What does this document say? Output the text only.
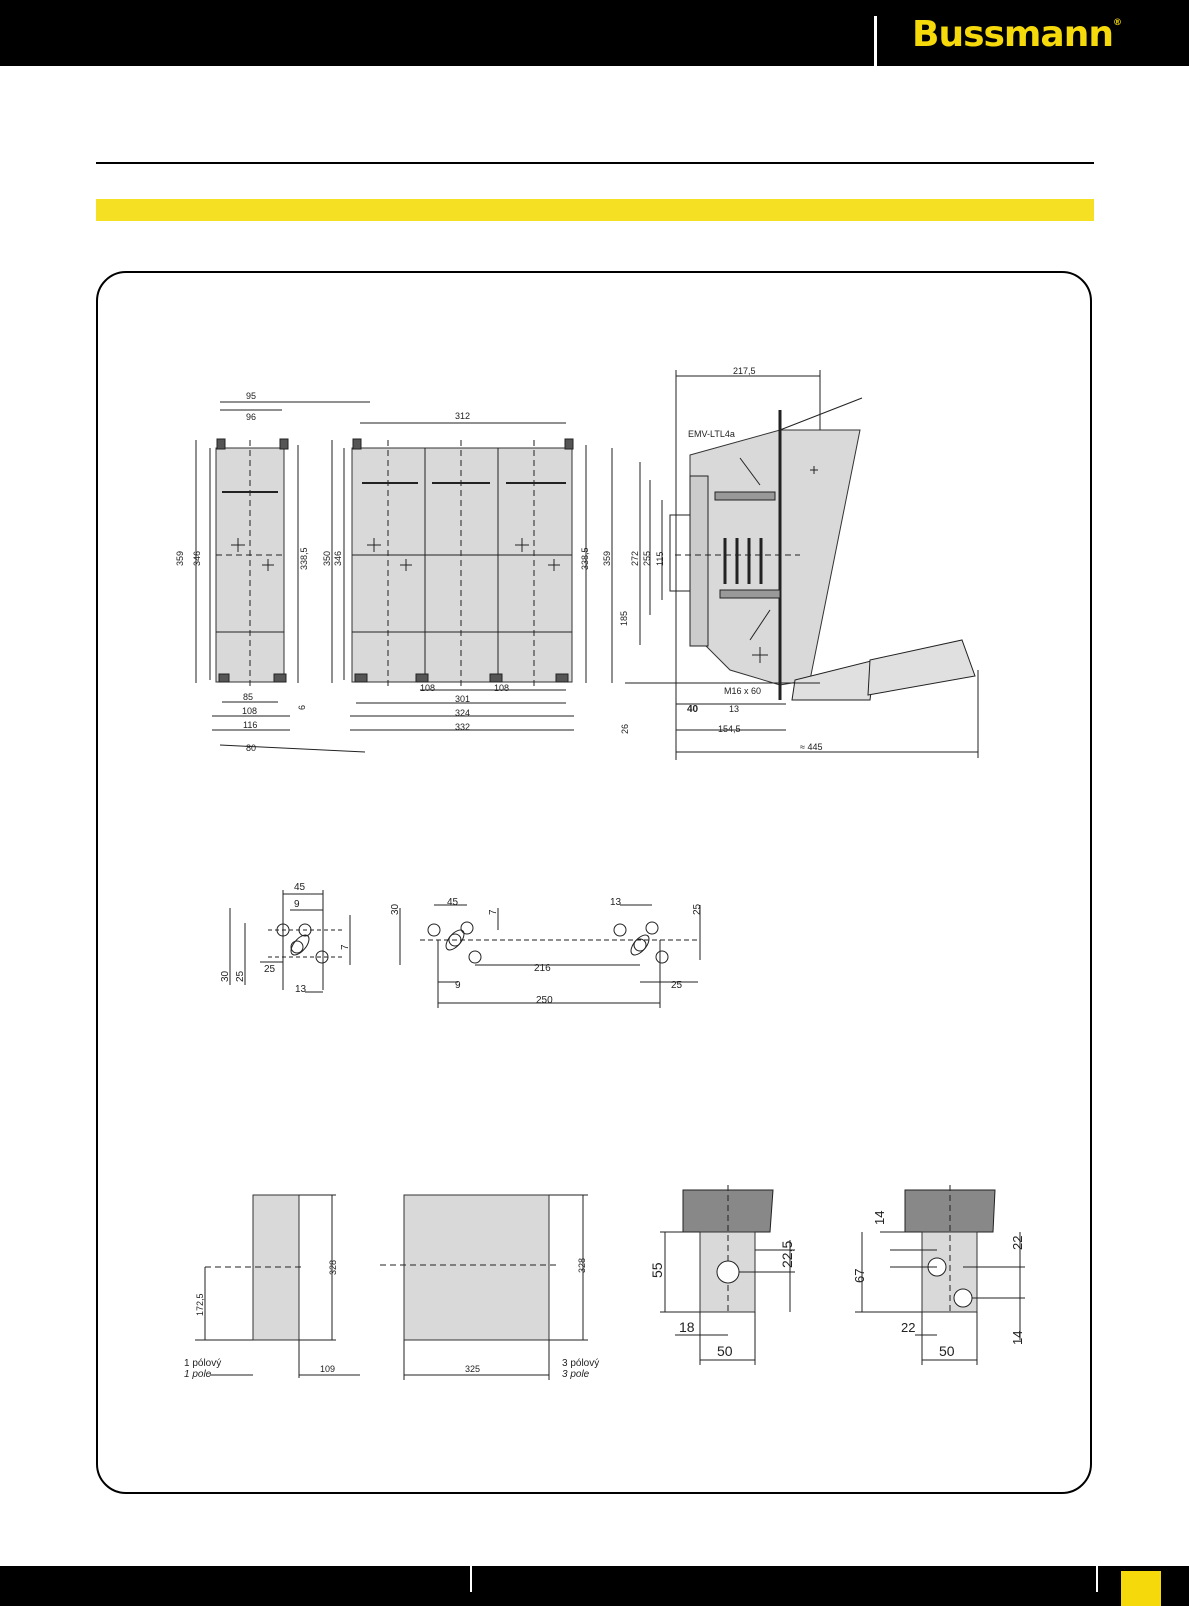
Bussmann®
95
96
359 346	338,5
6
85
108
116
80
312
350 346	338,5
108	108
301
324
332
217,5
EMV-LTL4a
359 272 255 115
185
26
M16 x 60
40	13
154,5
≈ 445
45
9
7
30 25
25
13
30
45
7
13
25
216
9	25
250
328
172,5
109
1 pólový
1 pole
328
325	3 pólový
3 pole
55
22,5
18
50
14
67
22
22
14
50
